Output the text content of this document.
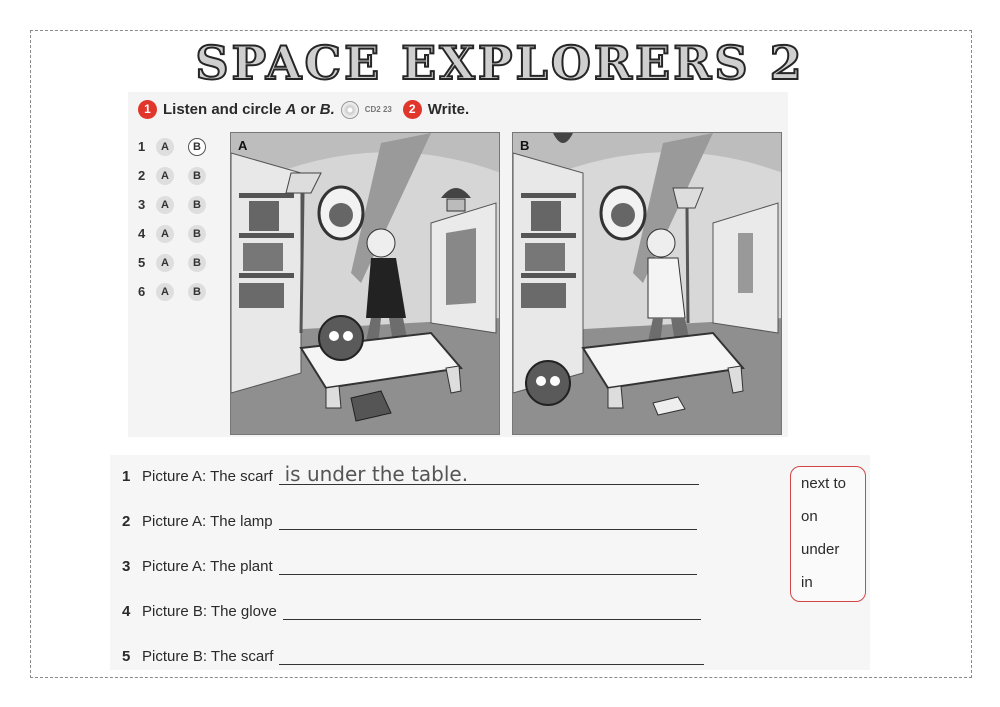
SPACE EXPLORERS 2
1 Listen and circle A or B.	CD2 23	2 Write.
1	A	B
2	A	B
3	A	B
4	A	B
5	A	B
6	A	B
A	B
1 Picture A: The scarf is under the table.
2 Picture A: The lamp
3 Picture A: The plant
4 Picture B: The glove
5 Picture B: The scarf
next to
on
under
in
